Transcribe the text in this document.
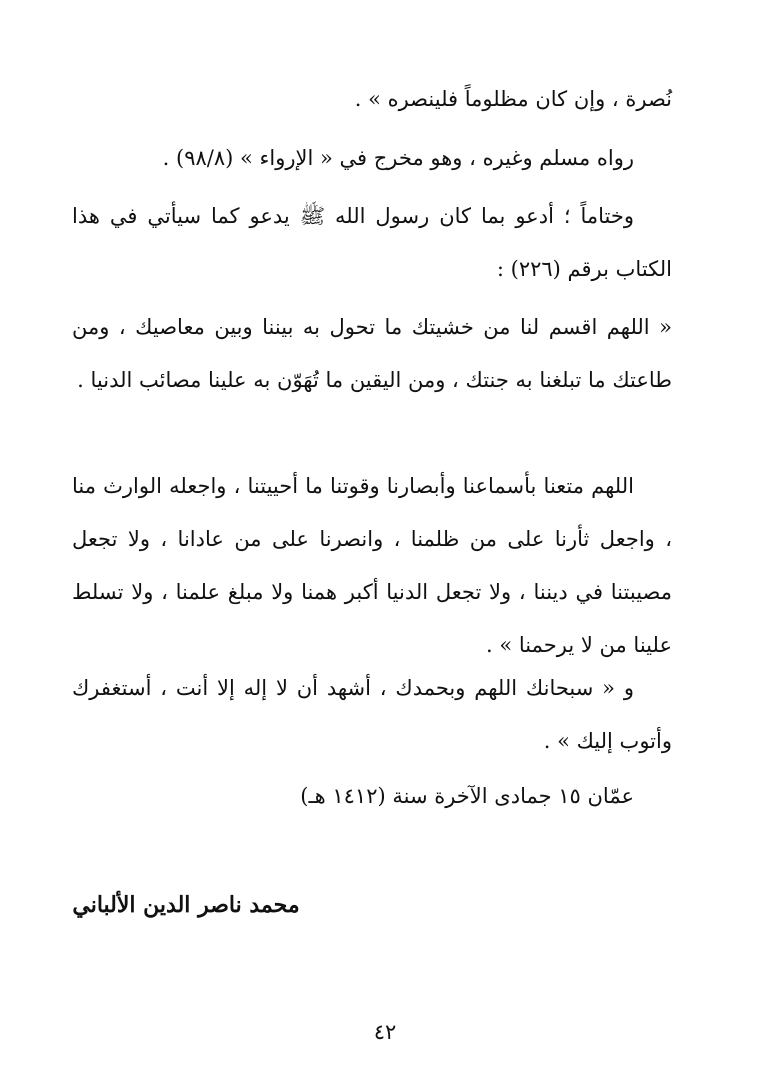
نُصرة ، وإن كان مظلوماً فلينصره » .

رواه مسلم وغيره ، وهو مخرج في « الإرواء » (٩٨/٨) .

وختاماً ؛ أدعو بما كان رسول الله ﷺ يدعو كما سيأتي في هذا الكتاب برقم (٢٢٦) :

« اللهم اقسم لنا من خشيتك ما تحول به بيننا وبين معاصيك ، ومن طاعتك ما تبلغنا به جنتك ، ومن اليقين ما تُهَوّن به علينا مصائب الدنيا .

اللهم متعنا بأسماعنا وأبصارنا وقوتنا ما أحييتنا ، واجعله الوارث منا ، واجعل ثأرنا على من ظلمنا ، وانصرنا على من عادانا ، ولا تجعل مصيبتنا في ديننا ، ولا تجعل الدنيا أكبر همنا ولا مبلغ علمنا ، ولا تسلط علينا من لا يرحمنا » .

و « سبحانك اللهم وبحمدك ، أشهد أن لا إله إلا أنت ، أستغفرك وأتوب إليك » .

عمّان ١٥ جمادى الآخرة سنة (١٤١٢ هـ)

محمد ناصر الدين الألباني
٤٢
